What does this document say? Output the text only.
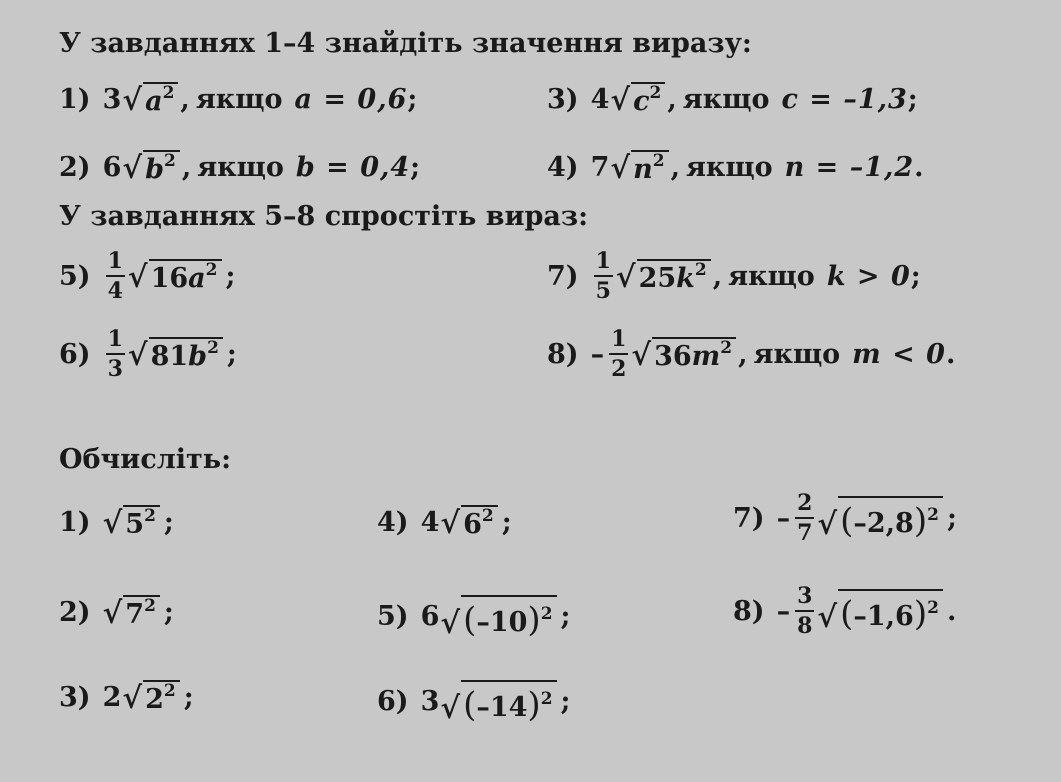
У завданнях 1–4 знайдіть значення виразу:
1) 3 √ $a^2$ , якщо a = 0,6 ;	3) 4 √ $c^2$ , якщо c = –1,3 ;
2) 6 √ $b^2$ , якщо b = 0,4 ;	4) 7 √ $n^2$ , якщо n = –1,2 .
У завданнях 5–8 спростіть вираз:
$5) \frac{1}{4}$ √ $16a^2$ ;	$7) \frac{1}{5}$ √ $25k^2$ , якщо k > 0 ;
$6) \frac{1}{3}$ √ $81b^2$ ;	$8) - \frac{1}{2}$ √ $36m^2$ , якщо m < 0 .
Обчисліть:
1) √ $5^2$ ;	4) 4 √ $6^2$ ;	$7) - \frac{2}{7}$ √ $(-2,8)^2$ ;
2) √ $7^2$ ;	5) 6 √ $(-10)^2$ ;	$8) - \frac{3}{8}$ √ $(-1,6)^2$ .
3) 2 √ $2^2$ ;	6) 3 √ $(-14)^2$ ;
